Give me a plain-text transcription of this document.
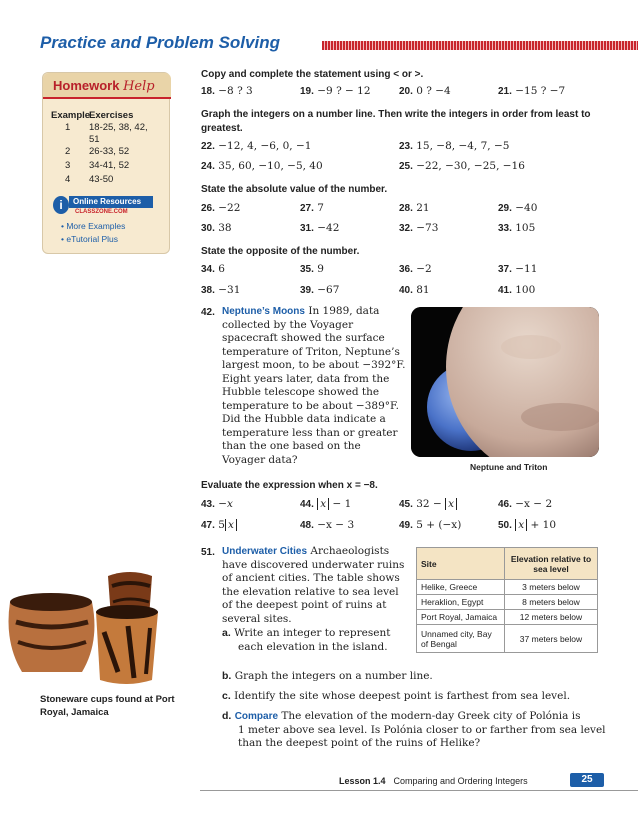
Practice and Problem Solving
Homework Help
Example
Exercises
1 18-25, 38, 42,
51
2 26-33, 52
3 34-41, 52
4 43-50
i	Online Resources
CLASSZONE.COM
• More Examples
• eTutorial Plus
Copy and complete the statement using < or >.
18. −8 ? 3	19. −9 ? − 12	20. 0 ? −4	21. −15 ? −7
Graph the integers on a number line. Then write the integers in order from least to greatest.
22. −12, 4, −6, 0, −1	23. 15, −8, −4, 7, −5
24. 35, 60, −10, −5, 40	25. −22, −30, −25, −16
State the absolute value of the number.
26. −22	27. 7	28. 21	29. −40
30. 38	31. −42	32. −73	33. 105
State the opposite of the number.
34. 6	35. 9	36. −2	37. −11
38. −31	39. −67	40. 81	41. 100
42. Neptune’s Moons In 1989, data
collected by the Voyager
spacecraft showed the surface
temperature of Triton, Neptune’s
largest moon, to be about −392°F.
Eight years later, data from the
Hubble telescope showed the
temperature to be about −389°F.
Did the Hubble data indicate a
temperature less than or greater
than the one based on the
Voyager data?
Neptune and Triton
Evaluate the expression when x = −8.
43. −x	44. x − 1	45. 32 − x	46. −x − 2
47. 5 x	48. −x − 3	49. 5 + (−x)	50. x + 10
Stoneware cups found at Port Royal, Jamaica
51. Underwater Cities Archaeologists
have discovered underwater ruins
of ancient cities. The table shows
the elevation relative to sea level
of the deepest point of ruins at
several sites.
Site	Elevation relative to sea level
Helike, Greece	3 meters below
Heraklion, Egypt	8 meters below
Port Royal, Jamaica	12 meters below
Unnamed city, Bay of Bengal	37 meters below
a. Write an integer to represent
each elevation in the island.
b. Graph the integers on a number line.
c. Identify the site whose deepest point is farthest from sea level.
d. Compare The elevation of the modern-day Greek city of Polónia is
1 meter above sea level. Is Polónia closer to or farther from sea level
than the deepest point of the ruins of Helike?
Lesson 1.4 Comparing and Ordering Integers	25
